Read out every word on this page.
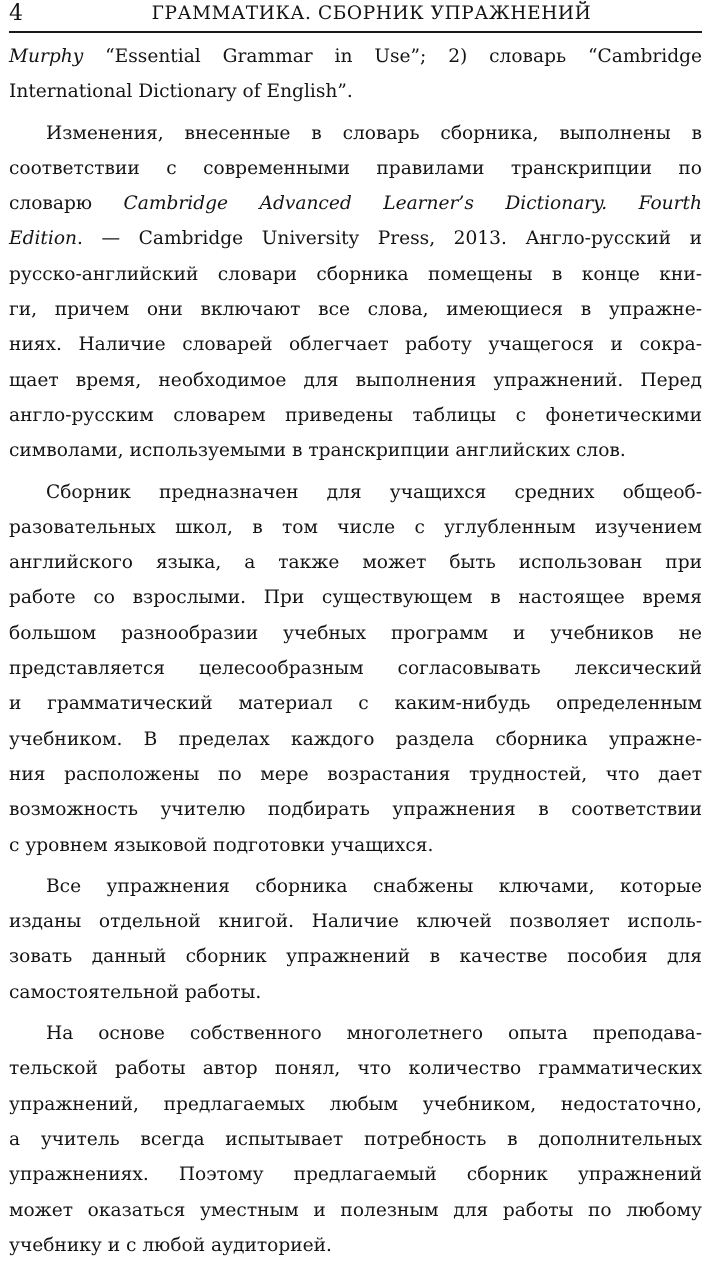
4	ГРАММАТИКА. СБОРНИК УПРАЖНЕНИЙ
Murphy “Essential Grammar in Use”; 2) словарь “Cambridge
International Dictionary of English”.
Изменения, внесенные в словарь сборника, выполнены в
соответствии с современными правилами транскрипции по
словарю Cambridge Advanced Learner’s Dictionary. Fourth
Edition. — Cambridge University Press, 2013. Англо-русский и
русско-английский словари сборника помещены в конце кни-
ги, причем они включают все слова, имеющиеся в упражне-
ниях. Наличие словарей облегчает работу учащегося и сокра-
щает время, необходимое для выполнения упражнений. Перед
англо-русским словарем приведены таблицы с фонетическими
символами, используемыми в транскрипции английских слов.
Сборник предназначен для учащихся средних общеоб-
разовательных школ, в том числе с углубленным изучением
английского языка, а также может быть использован при
работе со взрослыми. При существующем в настоящее время
большом разнообразии учебных программ и учебников не
представляется целесообразным согласовывать лексический
и грамматический материал с каким-нибудь определенным
учебником. В пределах каждого раздела сборника упражне-
ния расположены по мере возрастания трудностей, что дает
возможность учителю подбирать упражнения в соответствии
с уровнем языковой подготовки учащихся.
Все упражнения сборника снабжены ключами, которые
изданы отдельной книгой. Наличие ключей позволяет исполь-
зовать данный сборник упражнений в качестве пособия для
самостоятельной работы.
На основе собственного многолетнего опыта преподава-
тельской работы автор понял, что количество грамматических
упражнений, предлагаемых любым учебником, недостаточно,
а учитель всегда испытывает потребность в дополнительных
упражнениях. Поэтому предлагаемый сборник упражнений
может оказаться уместным и полезным для работы по любому
учебнику и с любой аудиторией.
